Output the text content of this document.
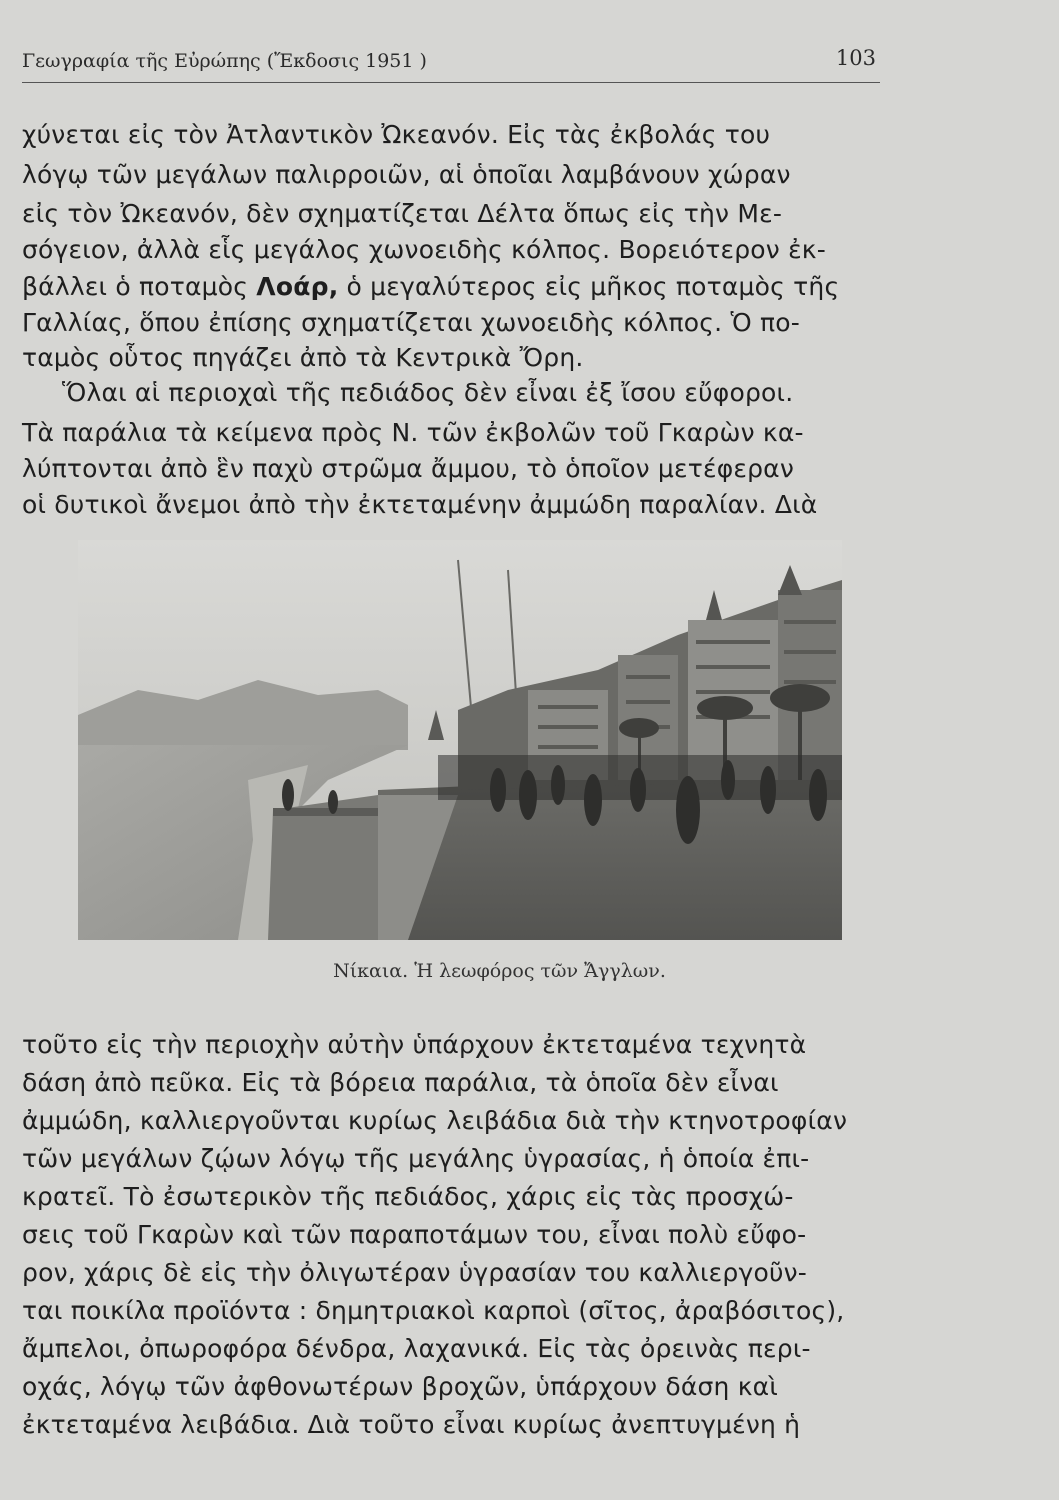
Γεωγραφία τῆς Εὐρώπης (Ἔκδοσις 1951 )	103
χύνεται εἰς τὸν Ἀτλαντικὸν Ὠκεανόν. Εἰς τὰς ἐκβολάς του
λόγῳ τῶν μεγάλων παλιρροιῶν, αἱ ὁποῖαι λαμβάνουν χώραν
εἰς τὸν Ὠκεανόν, δὲν σχηματίζεται Δέλτα ὅπως εἰς τὴν Με-
σόγειον, ἀλλὰ εἷς μεγάλος χωνοειδὴς κόλπος. Βορειότερον ἐκ-
βάλλει ὁ ποταμὸς Λοάρ, ὁ μεγαλύτερος εἰς μῆκος ποταμὸς τῆς
Γαλλίας, ὅπου ἐπίσης σχηματίζεται χωνοειδὴς κόλπος. Ὁ πο-
ταμὸς οὗτος πηγάζει ἀπὸ τὰ Κεντρικὰ Ὄρη.
Ὅλαι αἱ περιοχαὶ τῆς πεδιάδος δὲν εἶναι ἐξ ἴσου εὔφοροι.
Τὰ παράλια τὰ κείμενα πρὸς Ν. τῶν ἐκβολῶν τοῦ Γκαρὼν κα-
λύπτονται ἀπὸ ἓν παχὺ στρῶμα ἄμμου, τὸ ὁποῖον μετέφεραν
οἱ δυτικοὶ ἄνεμοι ἀπὸ τὴν ἐκτεταμένην ἀμμώδη παραλίαν. Διὰ
Νίκαια. Ἡ λεωφόρος τῶν Ἄγγλων.
τοῦτο εἰς τὴν περιοχὴν αὐτὴν ὑπάρχουν ἐκτεταμένα τεχνητὰ
δάση ἀπὸ πεῦκα. Εἰς τὰ βόρεια παράλια, τὰ ὁποῖα δὲν εἶναι
ἀμμώδη, καλλιεργοῦνται κυρίως λειβάδια διὰ τὴν κτηνοτροφίαν
τῶν μεγάλων ζῴων λόγῳ τῆς μεγάλης ὑγρασίας, ἡ ὁποία ἐπι-
κρατεῖ. Τὸ ἐσωτερικὸν τῆς πεδιάδος, χάρις εἰς τὰς προσχώ-
σεις τοῦ Γκαρὼν καὶ τῶν παραποτάμων του, εἶναι πολὺ εὔφο-
ρον, χάρις δὲ εἰς τὴν ὀλιγωτέραν ὑγρασίαν του καλλιεργοῦν-
ται ποικίλα προϊόντα : δημητριακοὶ καρποὶ (σῖτος, ἀραβόσιτος),
ἄμπελοι, ὀπωροφόρα δένδρα, λαχανικά. Εἰς τὰς ὀρεινὰς περι-
οχάς, λόγῳ τῶν ἀφθονωτέρων βροχῶν, ὑπάρχουν δάση καὶ
ἐκτεταμένα λειβάδια. Διὰ τοῦτο εἶναι κυρίως ἀνεπτυγμένη ἡ
